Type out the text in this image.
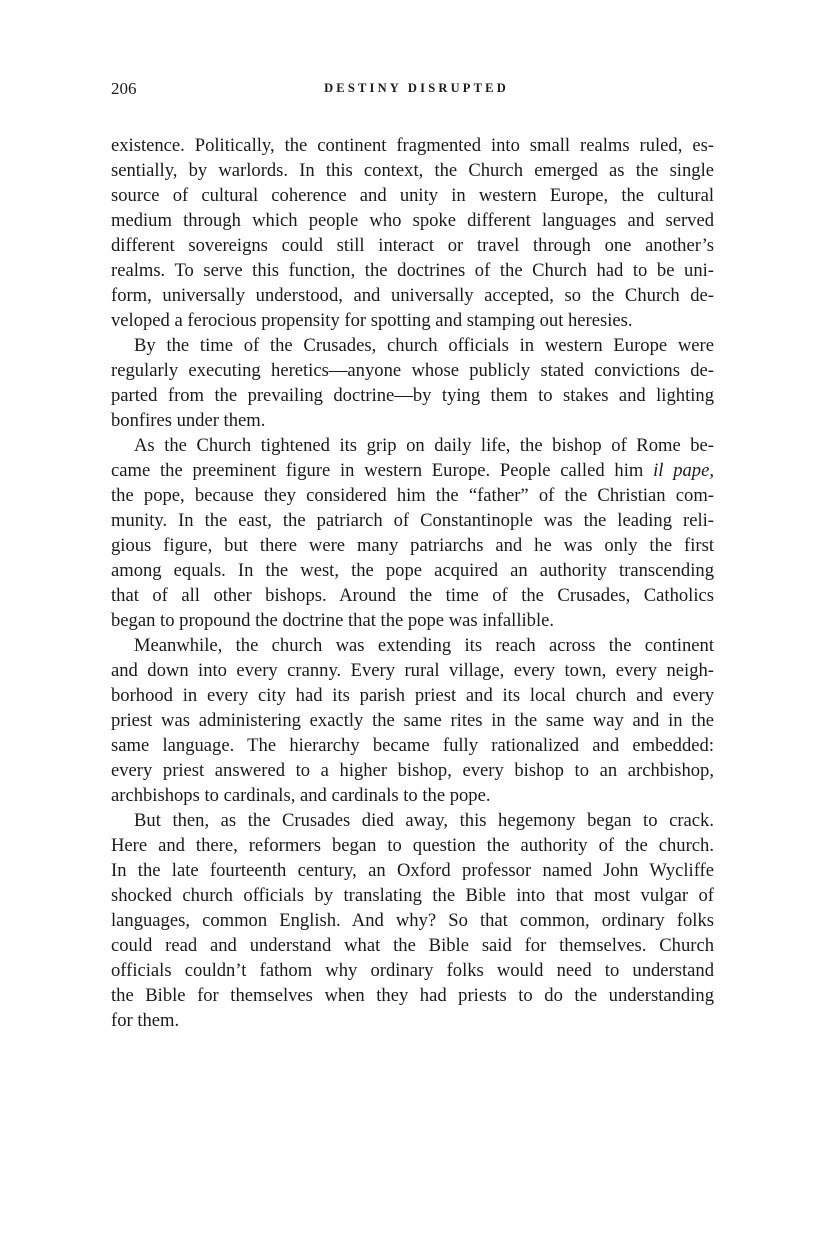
206	DESTINY DISRUPTED
existence. Politically, the continent fragmented into small realms ruled, es-
sentially, by warlords. In this context, the Church emerged as the single
source of cultural coherence and unity in western Europe, the cultural
medium through which people who spoke different languages and served
different sovereigns could still interact or travel through one another’s
realms. To serve this function, the doctrines of the Church had to be uni-
form, universally understood, and universally accepted, so the Church de-
veloped a ferocious propensity for spotting and stamping out heresies.
By the time of the Crusades, church officials in western Europe were
regularly executing heretics—anyone whose publicly stated convictions de-
parted from the prevailing doctrine—by tying them to stakes and lighting
bonfires under them.
As the Church tightened its grip on daily life, the bishop of Rome be-
came the preeminent figure in western Europe. People called him il pape,
the pope, because they considered him the “father” of the Christian com-
munity. In the east, the patriarch of Constantinople was the leading reli-
gious figure, but there were many patriarchs and he was only the first
among equals. In the west, the pope acquired an authority transcending
that of all other bishops. Around the time of the Crusades, Catholics
began to propound the doctrine that the pope was infallible.
Meanwhile, the church was extending its reach across the continent
and down into every cranny. Every rural village, every town, every neigh-
borhood in every city had its parish priest and its local church and every
priest was administering exactly the same rites in the same way and in the
same language. The hierarchy became fully rationalized and embedded:
every priest answered to a higher bishop, every bishop to an archbishop,
archbishops to cardinals, and cardinals to the pope.
But then, as the Crusades died away, this hegemony began to crack.
Here and there, reformers began to question the authority of the church.
In the late fourteenth century, an Oxford professor named John Wycliffe
shocked church officials by translating the Bible into that most vulgar of
languages, common English. And why? So that common, ordinary folks
could read and understand what the Bible said for themselves. Church
officials couldn’t fathom why ordinary folks would need to understand
the Bible for themselves when they had priests to do the understanding
for them.
